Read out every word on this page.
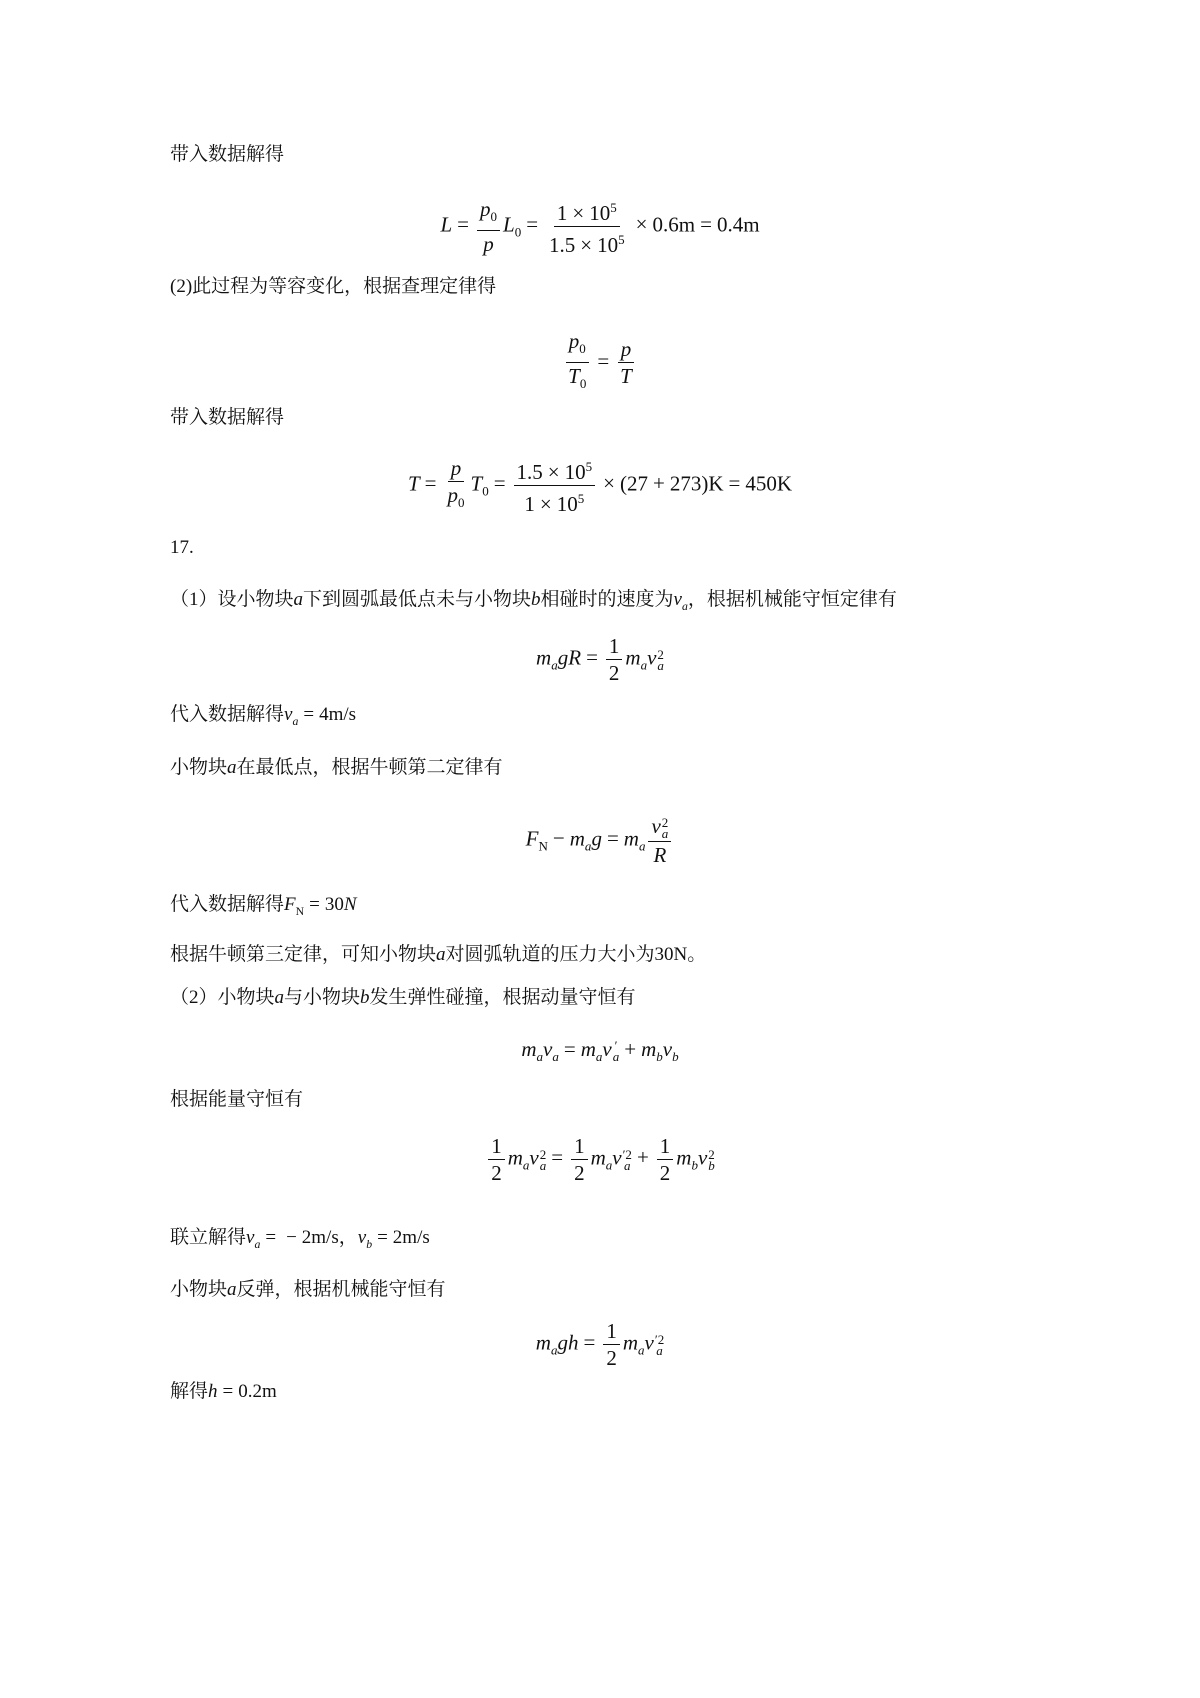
带入数据解得
$L = \frac{p_0}{p} L_0 = \frac{1 \times 10^5}{1.5 \times 10^5} \times 0.6m = 0.4m$
(2)此过程为等容变化，根据查理定律得
$\frac{p_0}{T_0} = \frac{p}{T}$
带入数据解得
$T = \frac{p}{p_0} T_0 = \frac{1.5 \times 10^5}{1 \times 10^5} \times (27 + 273)K = 450K$
17.
（1）设小物块a下到圆弧最低点未与小物块b相碰时的速度为$v_a$，根据机械能守恒定律有
$m_agR = \frac{1}{2} m_av$ 2
a
代入数据解得$v_a = 4m/s$
小物块a在最低点，根据牛顿第二定律有
$F_N - m_ag = m_a$ v 2
a
R
代入数据解得$F_N = 30N$
根据牛顿第三定律，可知小物块a对圆弧轨道的压力大小为30N。
（2）小物块a与小物块b发生弹性碰撞，根据动量守恒有
$m_av_a = m_av$ ′
$a + m_bv_b$
根据能量守恒有
$\frac{1}{2} m_av$ 2
$a = \frac{1}{2} m_av$ ′2
$a + \frac{1}{2} m_bv$ 2
b
联立解得$v_a$ = − 2m/s，$v_b = 2m/s$
小物块a反弹，根据机械能守恒有
$m_agh = \frac{1}{2} m_av$ ′2
a
解得h = 0.2m
